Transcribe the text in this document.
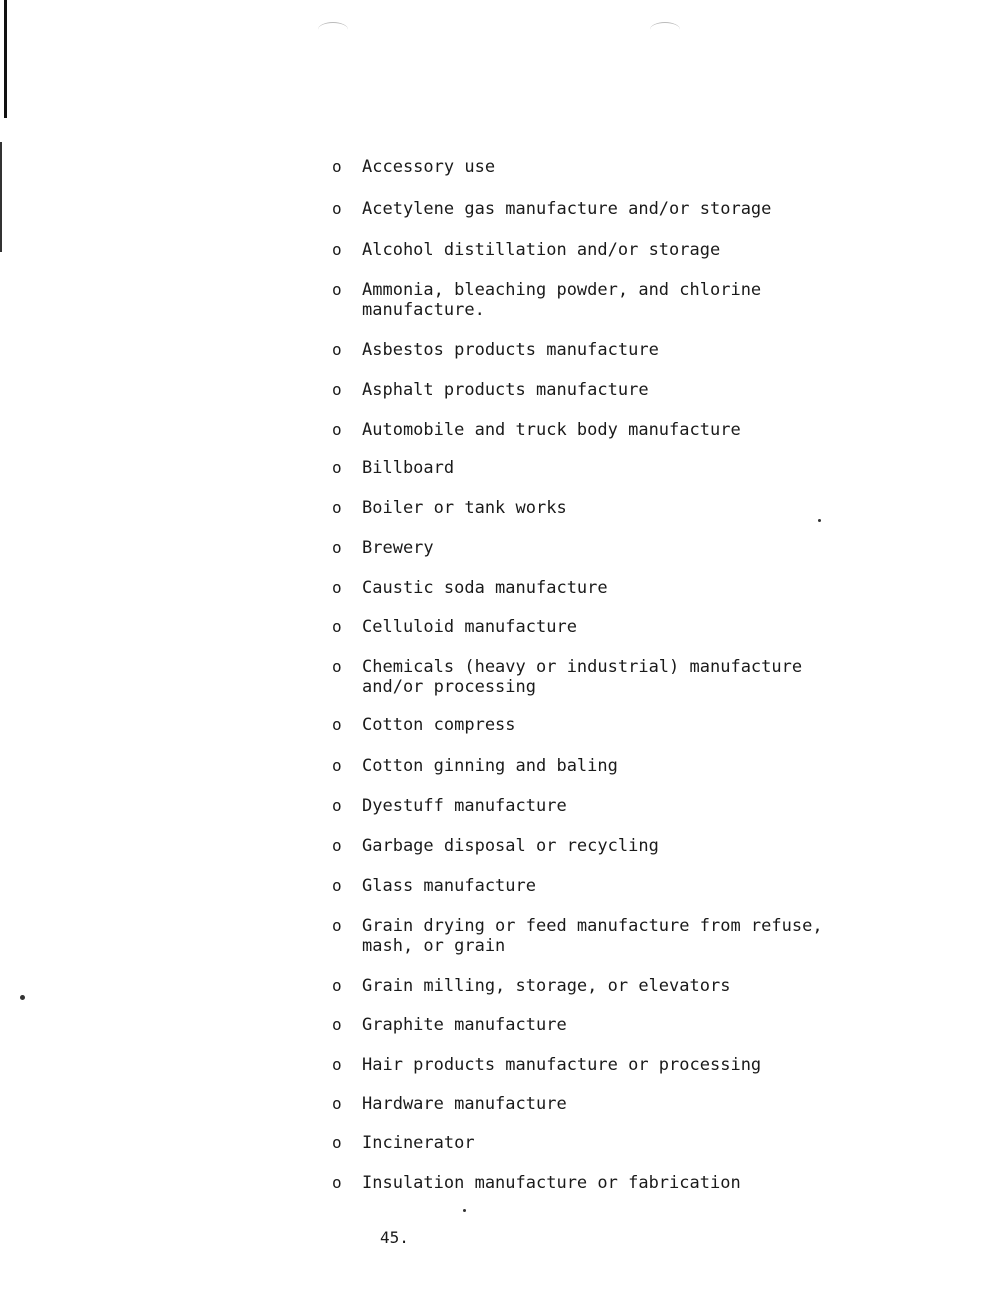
o Accessory use
o Acetylene gas manufacture and/or storage
o Alcohol distillation and/or storage
o Ammonia, bleaching powder, and chlorine manufacture.
o Asbestos products manufacture
o Asphalt products manufacture
o Automobile and truck body manufacture
o Billboard
o Boiler or tank works
o Brewery
o Caustic soda manufacture
o Celluloid manufacture
o Chemicals (heavy or industrial) manufacture and/or processing
o Cotton compress
o Cotton ginning and baling
o Dyestuff manufacture
o Garbage disposal or recycling
o Glass manufacture
o Grain drying or feed manufacture from refuse, mash, or grain
o Grain milling, storage, or elevators
o Graphite manufacture
o Hair products manufacture or processing
o Hardware manufacture
o Incinerator
o Insulation manufacture or fabrication
45.
